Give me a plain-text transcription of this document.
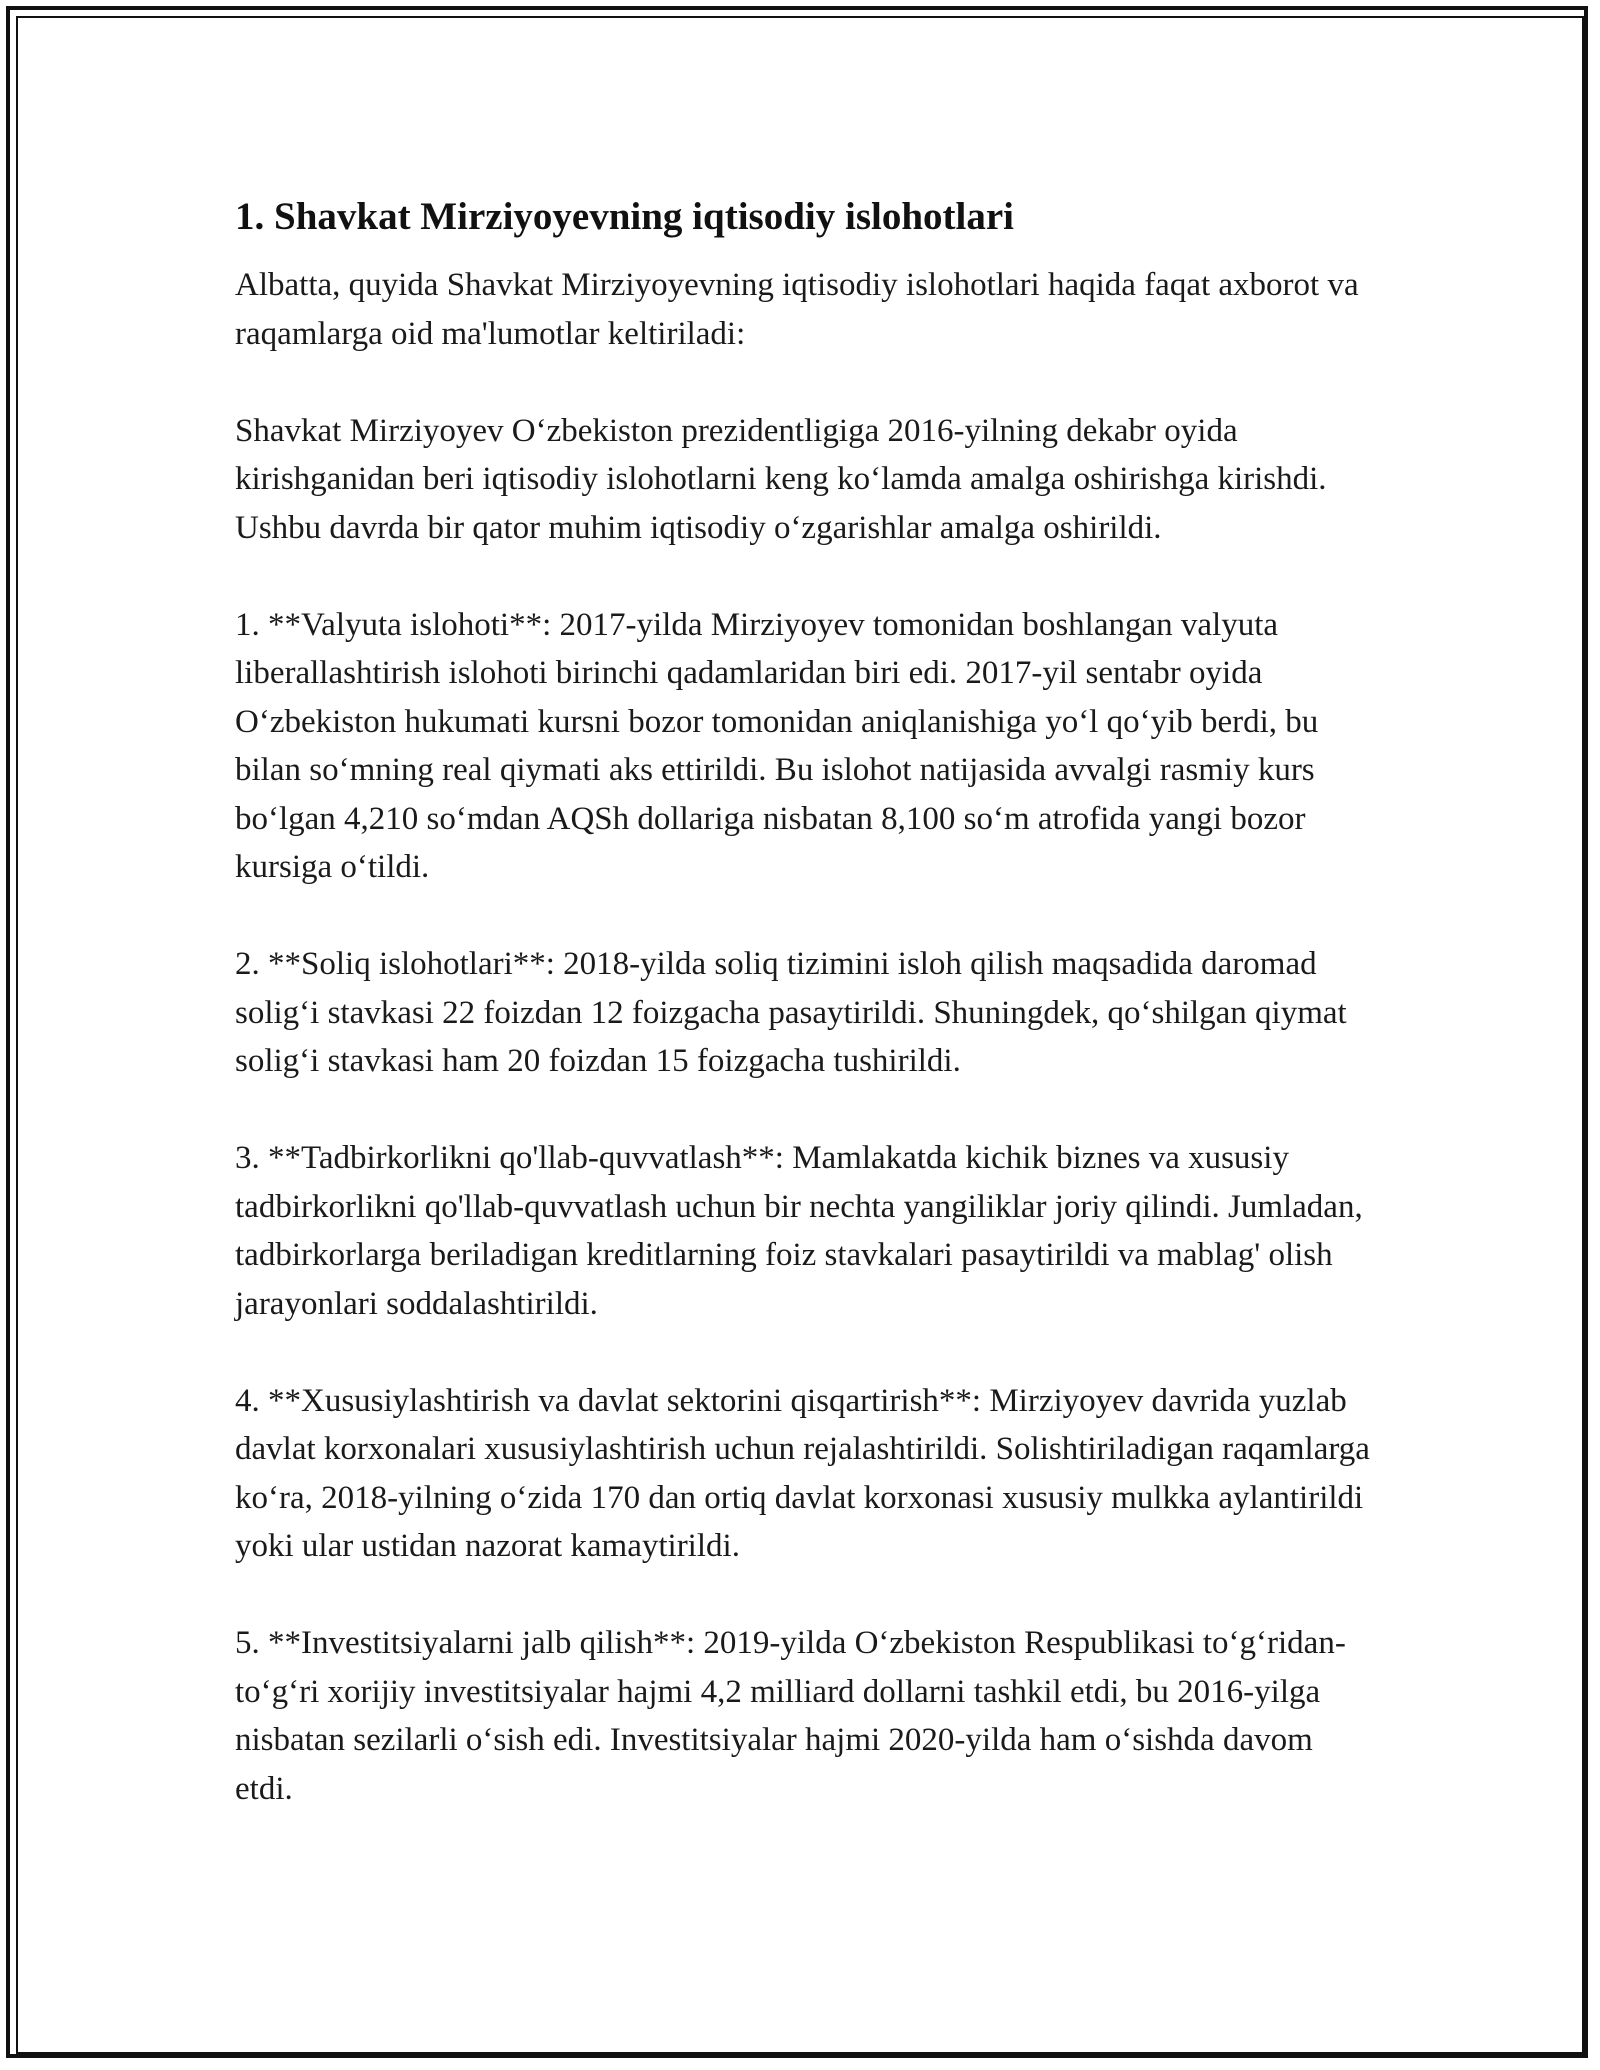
1. Shavkat Mirziyoyevning iqtisodiy islohotlari

Albatta, quyida Shavkat Mirziyoyevning iqtisodiy islohotlari haqida faqat axborot va raqamlarga oid ma'lumotlar keltiriladi:

Shavkat Mirziyoyev O‘zbekiston prezidentligiga 2016-yilning dekabr oyida kirishganidan beri iqtisodiy islohotlarni keng ko‘lamda amalga oshirishga kirishdi. Ushbu davrda bir qator muhim iqtisodiy o‘zgarishlar amalga oshirildi.

1. **Valyuta islohoti**: 2017-yilda Mirziyoyev tomonidan boshlangan valyuta liberallashtirish islohoti birinchi qadamlaridan biri edi. 2017-yil sentabr oyida O‘zbekiston hukumati kursni bozor tomonidan aniqlanishiga yo‘l qo‘yib berdi, bu bilan so‘mning real qiymati aks ettirildi. Bu islohot natijasida avvalgi rasmiy kurs bo‘lgan 4,210 so‘mdan AQSh dollariga nisbatan 8,100 so‘m atrofida yangi bozor kursiga o‘tildi.

2. **Soliq islohotlari**: 2018-yilda soliq tizimini isloh qilish maqsadida daromad solig‘i stavkasi 22 foizdan 12 foizgacha pasaytirildi. Shuningdek, qo‘shilgan qiymat solig‘i stavkasi ham 20 foizdan 15 foizgacha tushirildi.

3. **Tadbirkorlikni qo'llab-quvvatlash**: Mamlakatda kichik biznes va xususiy tadbirkorlikni qo'llab-quvvatlash uchun bir nechta yangiliklar joriy qilindi. Jumladan, tadbirkorlarga beriladigan kreditlarning foiz stavkalari pasaytirildi va mablag' olish jarayonlari soddalashtirildi.

4. **Xususiylashtirish va davlat sektorini qisqartirish**: Mirziyoyev davrida yuzlab davlat korxonalari xususiylashtirish uchun rejalashtirildi. Solishtiriladigan raqamlarga ko‘ra, 2018-yilning o‘zida 170 dan ortiq davlat korxonasi xususiy mulkka aylantirildi yoki ular ustidan nazorat kamaytirildi.

5. **Investitsiyalarni jalb qilish**: 2019-yilda O‘zbekiston Respublikasi to‘g‘ridan-to‘g‘ri xorijiy investitsiyalar hajmi 4,2 milliard dollarni tashkil etdi, bu 2016-yilga nisbatan sezilarli o‘sish edi. Investitsiyalar hajmi 2020-yilda ham o‘sishda davom etdi.
